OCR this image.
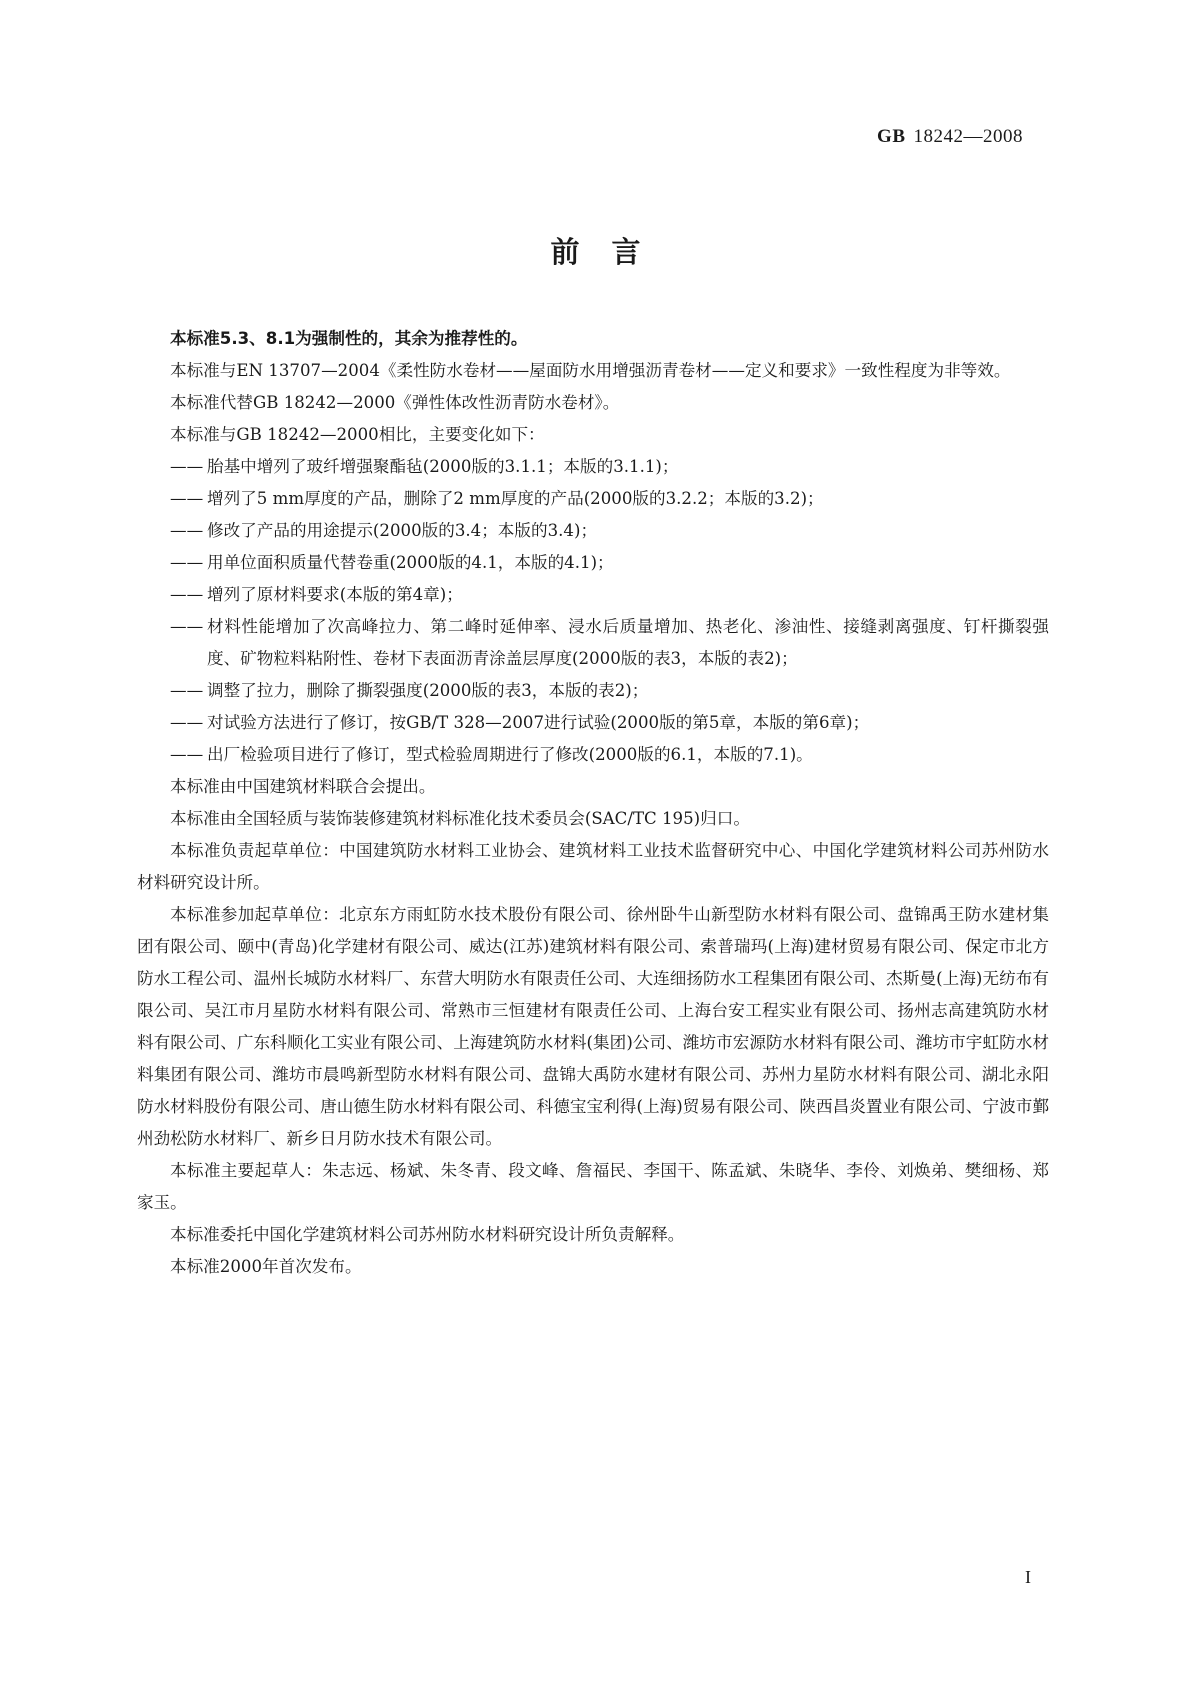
GB 18242—2008
前言

本标准5.3、8.1为强制性的，其余为推荐性的。

本标准与EN 13707—2004《柔性防水卷材——屋面防水用增强沥青卷材——定义和要求》一致性程度为非等效。

本标准代替GB 18242—2000《弹性体改性沥青防水卷材》。

本标准与GB 18242—2000相比，主要变化如下：

—— 胎基中增列了玻纤增强聚酯毡(2000版的3.1.1；本版的3.1.1)；
—— 增列了5 mm厚度的产品，删除了2 mm厚度的产品(2000版的3.2.2；本版的3.2)；
—— 修改了产品的用途提示(2000版的3.4；本版的3.4)；
—— 用单位面积质量代替卷重(2000版的4.1，本版的4.1)；
—— 增列了原材料要求(本版的第4章)；
—— 材料性能增加了次高峰拉力、第二峰时延伸率、浸水后质量增加、热老化、渗油性、接缝剥离强度、钉杆撕裂强度、矿物粒料粘附性、卷材下表面沥青涂盖层厚度(2000版的表3，本版的表2)；
—— 调整了拉力，删除了撕裂强度(2000版的表3，本版的表2)；
—— 对试验方法进行了修订，按GB/T 328—2007进行试验(2000版的第5章，本版的第6章)；
—— 出厂检验项目进行了修订，型式检验周期进行了修改(2000版的6.1，本版的7.1)。

本标准由中国建筑材料联合会提出。

本标准由全国轻质与装饰装修建筑材料标准化技术委员会(SAC/TC 195)归口。

本标准负责起草单位：中国建筑防水材料工业协会、建筑材料工业技术监督研究中心、中国化学建筑材料公司苏州防水材料研究设计所。

本标准参加起草单位：北京东方雨虹防水技术股份有限公司、徐州卧牛山新型防水材料有限公司、盘锦禹王防水建材集团有限公司、颐中(青岛)化学建材有限公司、威达(江苏)建筑材料有限公司、索普瑞玛(上海)建材贸易有限公司、保定市北方防水工程公司、温州长城防水材料厂、东营大明防水有限责任公司、大连细扬防水工程集团有限公司、杰斯曼(上海)无纺布有限公司、吴江市月星防水材料有限公司、常熟市三恒建材有限责任公司、上海台安工程实业有限公司、扬州志高建筑防水材料有限公司、广东科顺化工实业有限公司、上海建筑防水材料(集团)公司、潍坊市宏源防水材料有限公司、潍坊市宇虹防水材料集团有限公司、潍坊市晨鸣新型防水材料有限公司、盘锦大禹防水建材有限公司、苏州力星防水材料有限公司、湖北永阳防水材料股份有限公司、唐山德生防水材料有限公司、科德宝宝利得(上海)贸易有限公司、陕西昌炎置业有限公司、宁波市鄞州劲松防水材料厂、新乡日月防水技术有限公司。

本标准主要起草人：朱志远、杨斌、朱冬青、段文峰、詹福民、李国干、陈孟斌、朱晓华、李伶、刘焕弟、樊细杨、郑家玉。

本标准委托中国化学建筑材料公司苏州防水材料研究设计所负责解释。

本标准2000年首次发布。

I
